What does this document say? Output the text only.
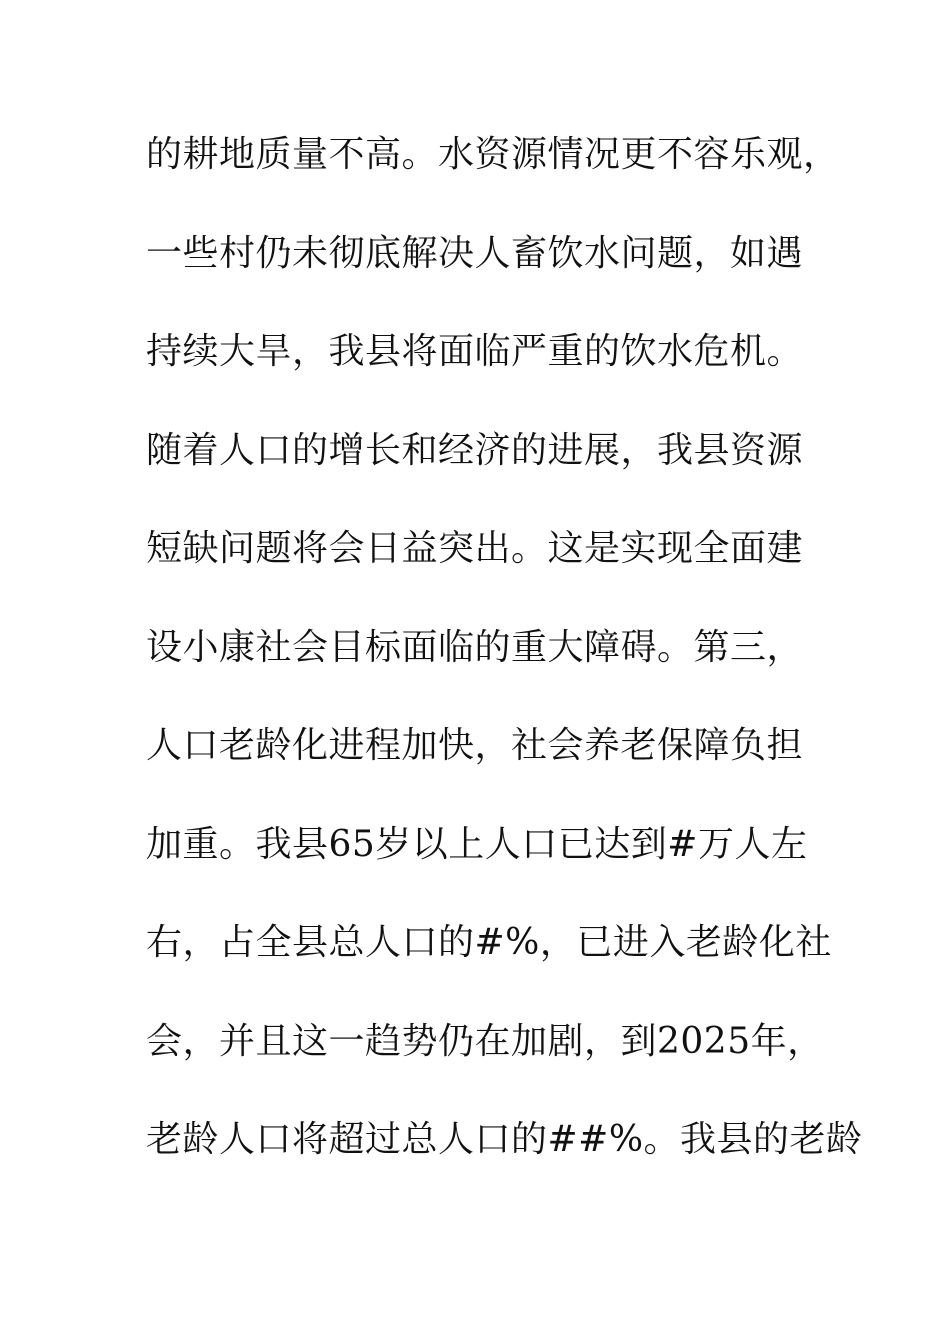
的耕地质量不高。水资源情况更不容乐观，
一些村仍未彻底解决人畜饮水问题，如遇
持续大旱，我县将面临严重的饮水危机。
随着人口的增长和经济的进展，我县资源
短缺问题将会日益突出。这是实现全面建
设小康社会目标面临的重大障碍。第三，
人口老龄化进程加快，社会养老保障负担
加重。我县65岁以上人口已达到#万人左
右，占全县总人口的#%，已进入老龄化社
会，并且这一趋势仍在加剧，到2025年，
老龄人口将超过总人口的##%。我县的老龄
